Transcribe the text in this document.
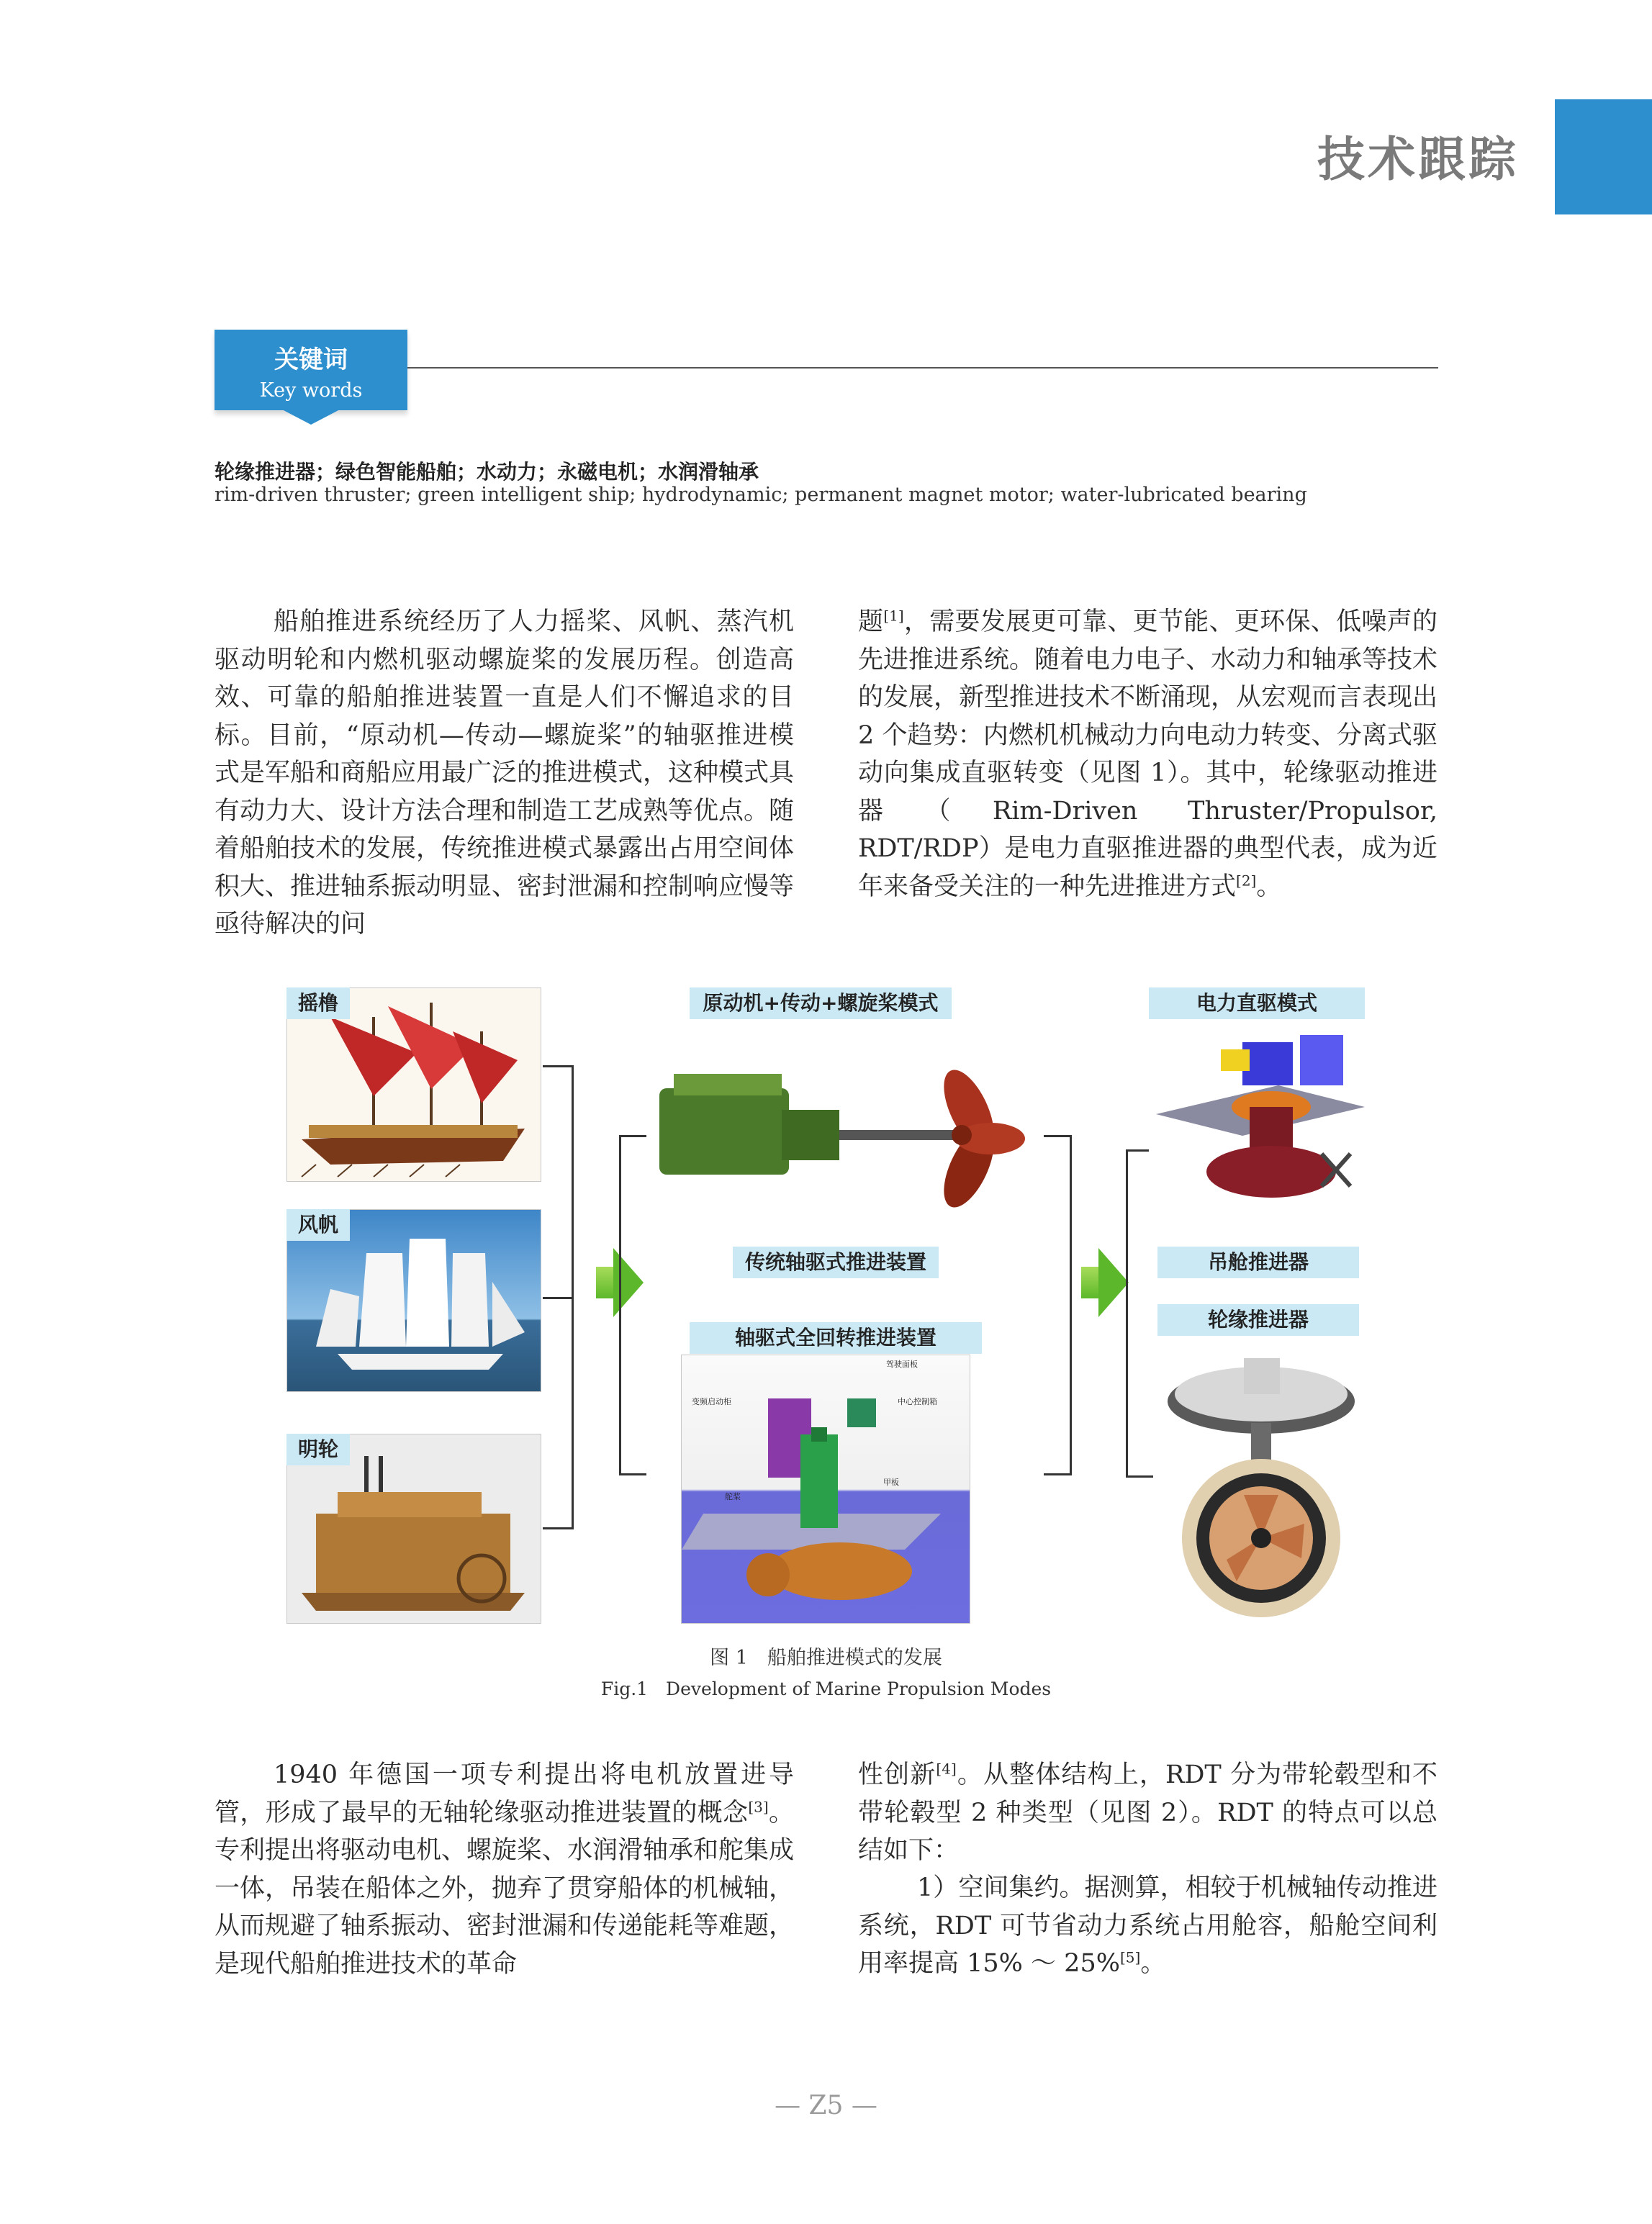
技术跟踪
关键词
Key words
轮缘推进器；绿色智能船舶；水动力；永磁电机；水润滑轴承
rim-driven thruster; green intelligent ship; hydrodynamic; permanent magnet motor; water-lubricated bearing
船舶推进系统经历了人力摇桨、风帆、蒸汽机驱动明轮和内燃机驱动螺旋桨的发展历程。创造高效、可靠的船舶推进装置一直是人们不懈追求的目标。目前，“原动机—传动—螺旋桨”的轴驱推进模式是军船和商船应用最广泛的推进模式，这种模式具有动力大、设计方法合理和制造工艺成熟等优点。随着船舶技术的发展，传统推进模式暴露出占用空间体积大、推进轴系振动明显、密封泄漏和控制响应慢等亟待解决的问
题[1]，需要发展更可靠、更节能、更环保、低噪声的先进推进系统。随着电力电子、水动力和轴承等技术的发展，新型推进技术不断涌现，从宏观而言表现出 2 个趋势：内燃机机械动力向电动力转变、分离式驱动向集成直驱转变（见图 1）。其中，轮缘驱动推进器（Rim-Driven Thruster/Propulsor, RDT/RDP）是电力直驱推进器的典型代表，成为近年来备受关注的一种先进推进方式[2]。
摇橹
风帆
明轮
原动机+传动+螺旋桨模式
传统轴驱式推进装置
轴驱式全回转推进装置
驾驶面板
中心控制箱
变频启动柜
舵桨
甲板
电力直驱模式
吊舱推进器
轮缘推进器
图 1　船舶推进模式的发展
Fig.1　Development of Marine Propulsion Modes
1940 年德国一项专利提出将电机放置进导管，形成了最早的无轴轮缘驱动推进装置的概念[3]。专利提出将驱动电机、螺旋桨、水润滑轴承和舵集成一体，吊装在船体之外，抛弃了贯穿船体的机械轴，从而规避了轴系振动、密封泄漏和传递能耗等难题，是现代船舶推进技术的革命
性创新[4]。从整体结构上，RDT 分为带轮毂型和不带轮毂型 2 种类型（见图 2）。RDT 的特点可以总结如下：
1）空间集约。据测算，相较于机械轴传动推进系统，RDT 可节省动力系统占用舱容，船舱空间利用率提高 15% ～ 25%[5]。
— Z5 —
